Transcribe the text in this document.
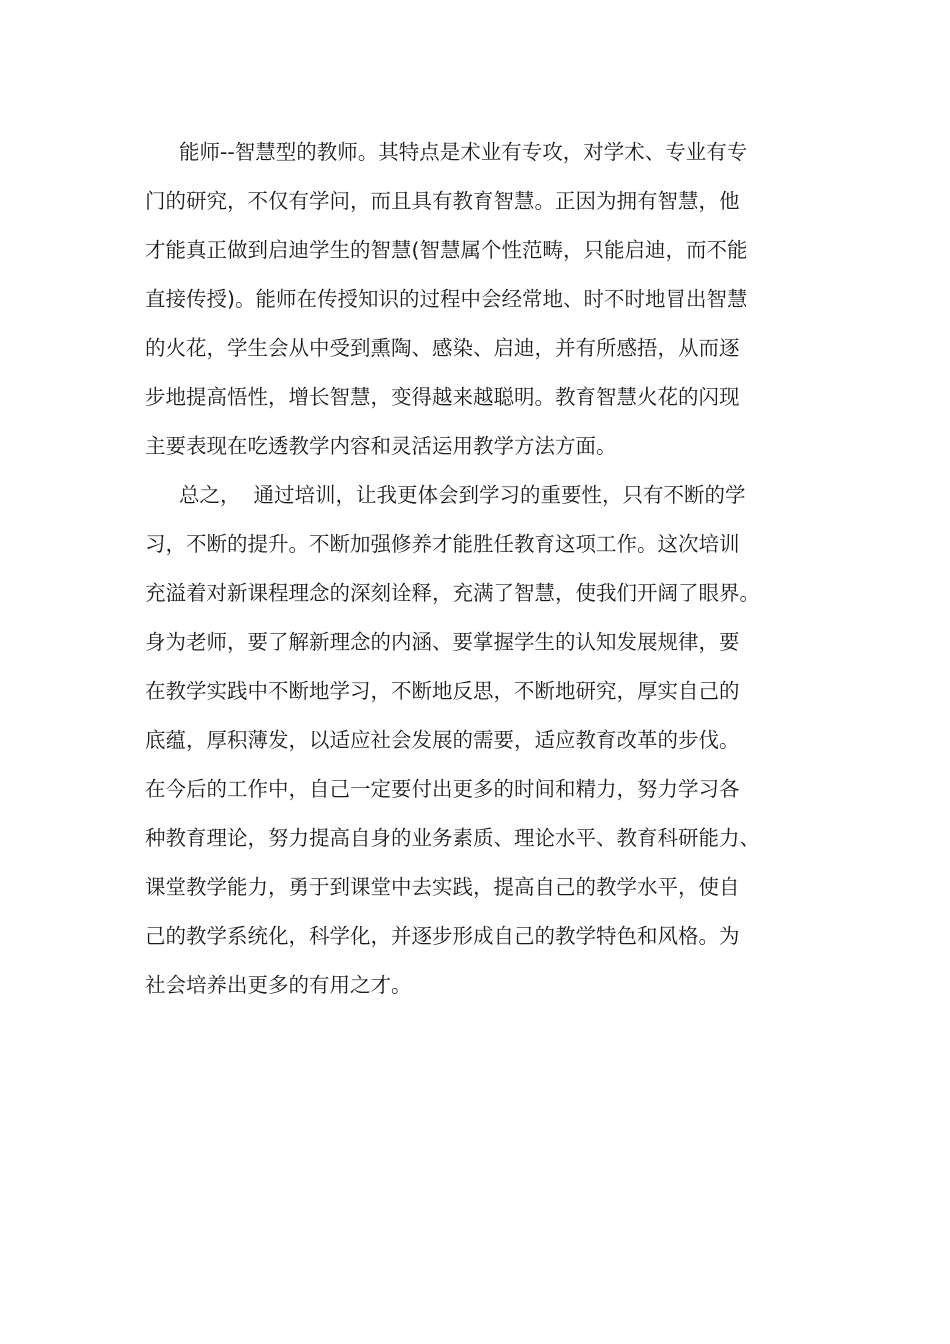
能师--智慧型的教师。其特点是术业有专攻，对学术、专业有专
门的研究，不仅有学问，而且具有教育智慧。正因为拥有智慧，他
才能真正做到启迪学生的智慧(智慧属个性范畴，只能启迪，而不能
直接传授)。能师在传授知识的过程中会经常地、时不时地冒出智慧
的火花，学生会从中受到熏陶、感染、启迪，并有所感捂，从而逐
步地提高悟性，增长智慧，变得越来越聪明。教育智慧火花的闪现
主要表现在吃透教学内容和灵活运用教学方法方面。
总之，  通过培训，让我更体会到学习的重要性，只有不断的学
习，不断的提升。不断加强修养才能胜任教育这项工作。这次培训
充溢着对新课程理念的深刻诠释，充满了智慧，使我们开阔了眼界。
身为老师，要了解新理念的内涵、要掌握学生的认知发展规律，要
在教学实践中不断地学习，不断地反思，不断地研究，厚实自己的
底蕴，厚积薄发，以适应社会发展的需要，适应教育改革的步伐。
在今后的工作中，自己一定要付出更多的时间和精力，努力学习各
种教育理论，努力提高自身的业务素质、理论水平、教育科研能力、
课堂教学能力，勇于到课堂中去实践，提高自己的教学水平，使自
己的教学系统化，科学化，并逐步形成自己的教学特色和风格。为
社会培养出更多的有用之才。
